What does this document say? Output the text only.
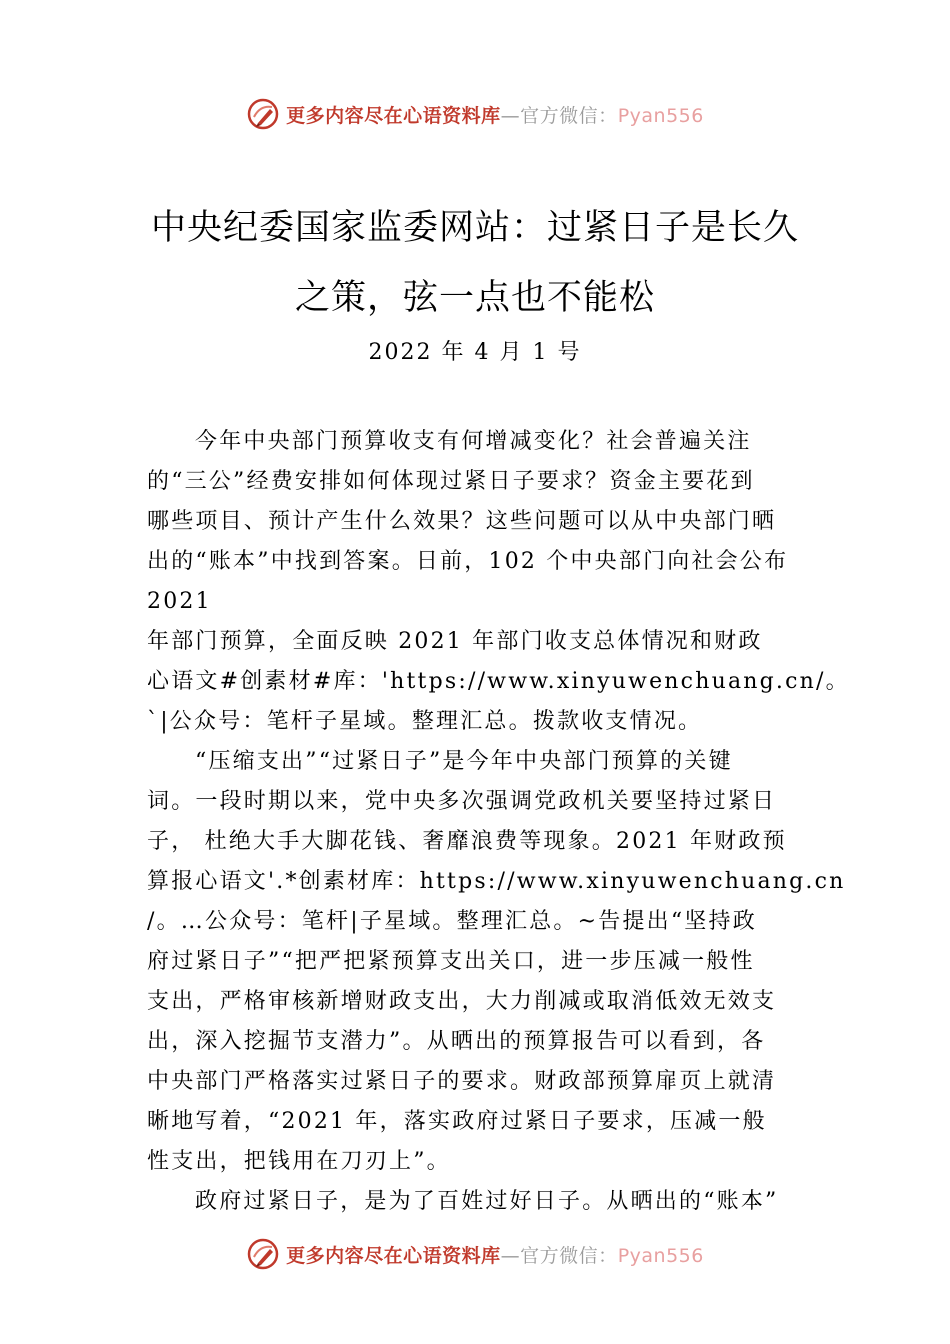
更多内容尽在心语资料库—官方微信：Pyan556
中央纪委国家监委网站：过紧日子是长久
之策，弦一点也不能松
2022 年 4 月 1 号
今年中央部门预算收支有何增减变化？社会普遍关注
的“三公”经费安排如何体现过紧日子要求？资金主要花到
哪些项目、预计产生什么效果？这些问题可以从中央部门晒
出的“账本”中找到答案。日前，102 个中央部门向社会公布
2021
年部门预算，全面反映 2021 年部门收支总体情况和财政
心语文#创素材#库：'https://www.xinyuwenchuang.cn/。
`|公众号：笔杆子星域。整理汇总。拨款收支情况。
“压缩支出”“过紧日子”是今年中央部门预算的关键
词。一段时期以来，党中央多次强调党政机关要坚持过紧日
子， 杜绝大手大脚花钱、奢靡浪费等现象。2021 年财政预
算报心语文'.*创素材库：https://www.xinyuwenchuang.cn
/。…公众号：笔杆|子星域。整理汇总。~告提出“坚持政
府过紧日子”“把严把紧预算支出关口，进一步压减一般性
支出，严格审核新增财政支出，大力削减或取消低效无效支
出，深入挖掘节支潜力”。从晒出的预算报告可以看到，各
中央部门严格落实过紧日子的要求。财政部预算扉页上就清
晰地写着，“2021 年，落实政府过紧日子要求，压减一般
性支出，把钱用在刀刃上”。
政府过紧日子，是为了百姓过好日子。从晒出的“账本”
更多内容尽在心语资料库—官方微信：Pyan556
